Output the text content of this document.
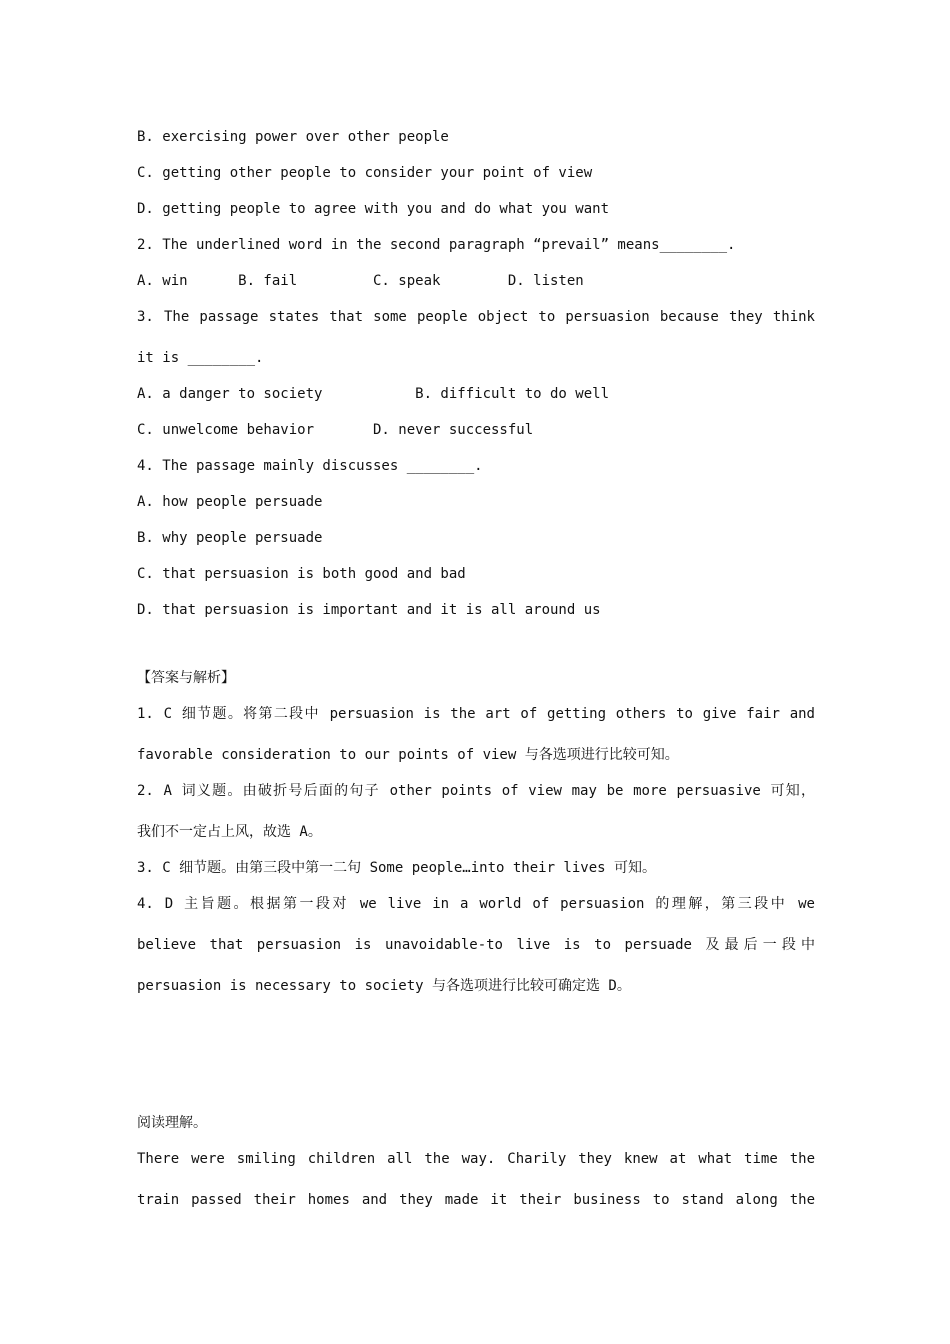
B. exercising power over other people
C. getting other people to consider your point of view
D. getting people to agree with you and do what you want
2. The underlined word in the second paragraph “prevail” means________.
A. win      B. fail         C. speak        D. listen
3. The passage states that some people object to persuasion because they think
it is ________.
A. a danger to society           B. difficult to do well
C. unwelcome behavior       D. never successful
4. The passage mainly discusses ________.
A. how people persuade
B. why people persuade
C. that persuasion is both good and bad
D. that persuasion is important and it is all around us
【答案与解析】
1. C 细节题。将第二段中 persuasion is the art of getting others to give fair and
favorable consideration to our points of view 与各选项进行比较可知。
2. A 词义题。由破折号后面的句子 other points of view may be more persuasive 可知，
我们不一定占上风，故选 A。
3. C 细节题。由第三段中第一二句 Some people…into their lives 可知。
4. D 主旨题。根据第一段对 we live in a world of persuasion 的理解，第三段中 we
believe that persuasion is unavoidable-to live is to persuade 及最后一段中
persuasion is necessary to society 与各选项进行比较可确定选 D。
阅读理解。
There were smiling children all the way. Charily they knew at what time the
train passed their homes and they made it their business to stand along the
